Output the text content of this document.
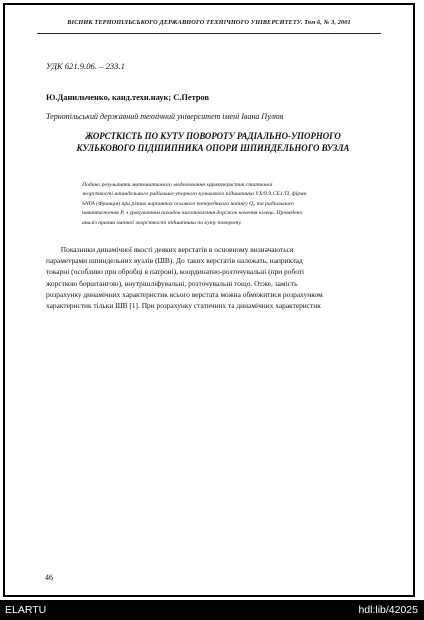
ВІСНИК ТЕРНОПІЛЬСЬКОГО ДЕРЖАВНОГО ТЕХНІЧНОГО УНІВЕРСИТЕТУ. Том 6, № 3, 2001
УДК 621.9.06. – 233.1
Ю.Данильченко, канд.техн.наук; С.Петров
Тернопільський державний технічний університет імені Івана Пулюя
ЖОРСТКІСТЬ ПО КУТУ ПОВОРОТУ РАДІАЛЬНО-УПОРНОГО
КУЛЬКОВОГО ПІДШИПНИКА ОПОРИ ШПИНДЕЛЬНОГО ВУЗЛА
Подано результати математичного моделювання характеристик статичної
жорсткості шпиндельного радіально-упорного кулькового підшипника VX/9.9.CE1.TL фірми
SNFA (Франція) при різних варіантах осьового попереднього натягу Q₀ та радіального
навантаження P, з урахуванням похибок виготовлення доріжок кочення кілець. Проведено
аналіз причин змінної жорсткості підшипника по куту повороту.
Показники динамічної якості деяких верстатів в основному визначаються
параметрами шпиндельних вузлів (ШВ). До таких верстатів належать, наприклад
токарні (особливо при обробці в патроні), координатно-розточувальні (при роботі
жорсткою борштангою), внутрішліфувальні, розточувальні тощо. Отже, замість
розрахунку динамічних характеристик всього верстата можна обмежитися розрахунком
характеристик тільки ШВ [1]. При розрахунку статичних та динамічних характеристик
46
ELARTU	hdl:lib/42025
